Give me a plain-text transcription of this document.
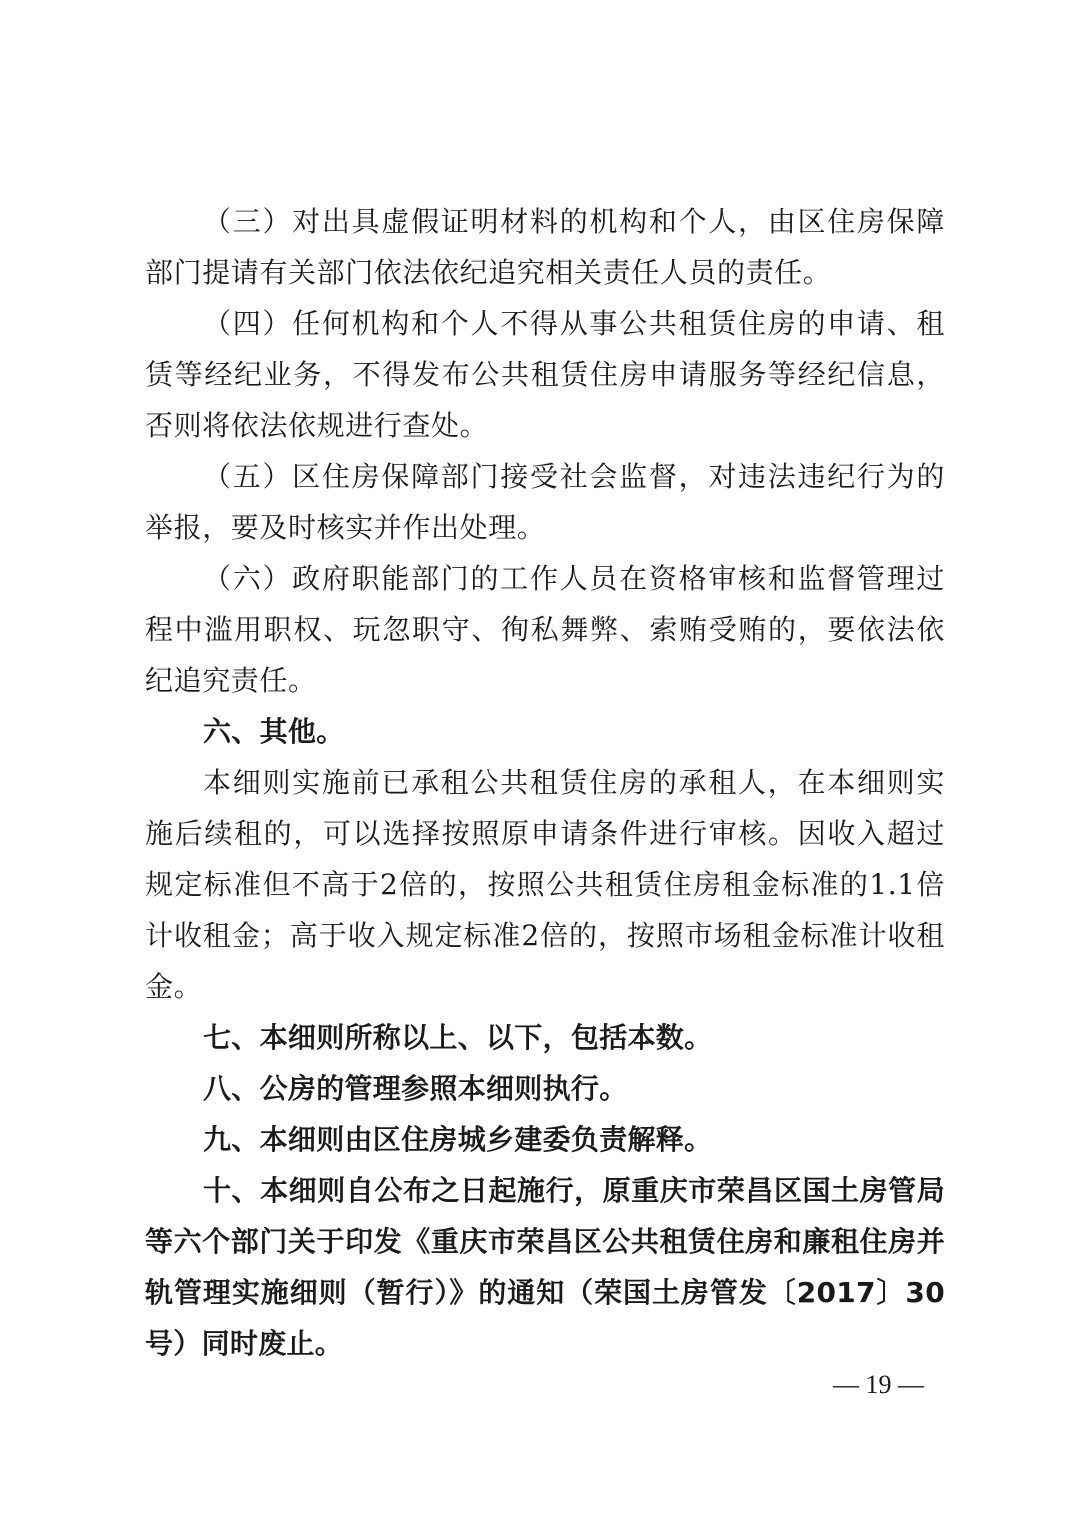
（三）对出具虚假证明材料的机构和个人，由区住房保障部门提请有关部门依法依纪追究相关责任人员的责任。

（四）任何机构和个人不得从事公共租赁住房的申请、租赁等经纪业务，不得发布公共租赁住房申请服务等经纪信息，否则将依法依规进行查处。

（五）区住房保障部门接受社会监督，对违法违纪行为的举报，要及时核实并作出处理。

（六）政府职能部门的工作人员在资格审核和监督管理过程中滥用职权、玩忽职守、徇私舞弊、索贿受贿的，要依法依纪追究责任。

六、其他。

本细则实施前已承租公共租赁住房的承租人，在本细则实施后续租的，可以选择按照原申请条件进行审核。因收入超过规定标准但不高于2倍的，按照公共租赁住房租金标准的1.1倍计收租金；高于收入规定标准2倍的，按照市场租金标准计收租金。

七、本细则所称以上、以下，包括本数。

八、公房的管理参照本细则执行。

九、本细则由区住房城乡建委负责解释。

十、本细则自公布之日起施行，原重庆市荣昌区国土房管局等六个部门关于印发《重庆市荣昌区公共租赁住房和廉租住房并轨管理实施细则（暂行）》的通知（荣国土房管发〔2017〕30号）同时废止。

— 19 —
